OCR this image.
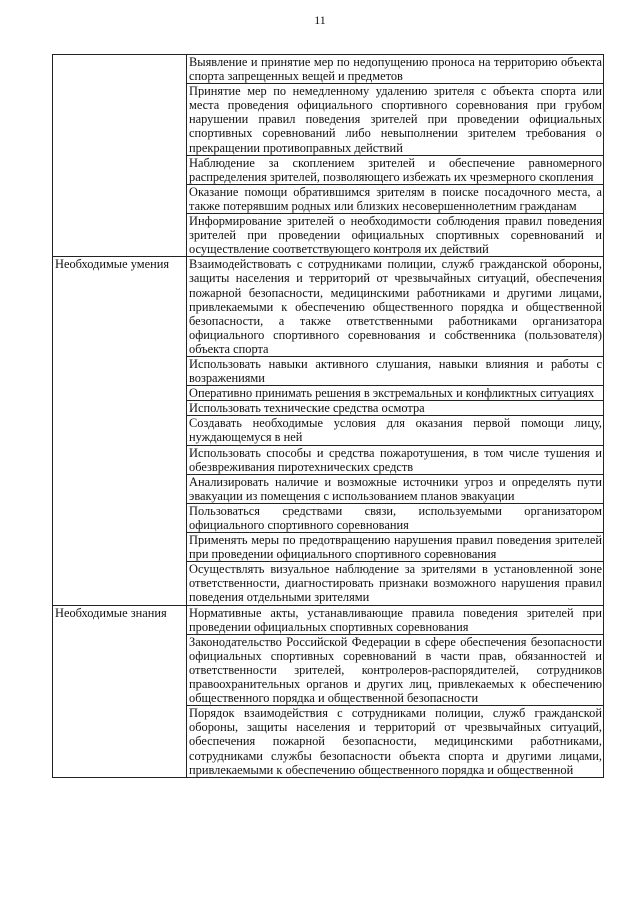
11
	Выявление и принятие мер по недопущению проноса на территорию объекта спорта запрещенных вещей и предметов
	Принятие мер по немедленному удалению зрителя с объекта спорта или места проведения официального спортивного соревнования при грубом нарушении правил поведения зрителей при проведении официальных спортивных соревнований либо невыполнении зрителем требования о прекращении противоправных действий
	Наблюдение за скоплением зрителей и обеспечение равномерного распределения зрителей, позволяющего избежать их чрезмерного скопления
	Оказание помощи обратившимся зрителям в поиске посадочного места, а также потерявшим родных или близких несовершеннолетним гражданам
	Информирование зрителей о необходимости соблюдения правил поведения зрителей при проведении официальных спортивных соревнований и осуществление соответствующего контроля их действий
Необходимые умения	Взаимодействовать с сотрудниками полиции, служб гражданской обороны, защиты населения и территорий от чрезвычайных ситуаций, обеспечения пожарной безопасности, медицинскими работниками и другими лицами, привлекаемыми к обеспечению общественного порядка и общественной безопасности, а также ответственными работниками организатора официального спортивного соревнования и собственника (пользователя) объекта спорта
	Использовать навыки активного слушания, навыки влияния и работы с возражениями
	Оперативно принимать решения в экстремальных и конфликтных ситуациях
	Использовать технические средства осмотра
	Создавать необходимые условия для оказания первой помощи лицу, нуждающемуся в ней
	Использовать способы и средства пожаротушения, в том числе тушения и обезвреживания пиротехнических средств
	Анализировать наличие и возможные источники угроз и определять пути эвакуации из помещения с использованием планов эвакуации
	Пользоваться средствами связи, используемыми организатором официального спортивного соревнования
	Применять меры по предотвращению нарушения правил поведения зрителей при проведении официального спортивного соревнования
	Осуществлять визуальное наблюдение за зрителями в установленной зоне ответственности, диагностировать признаки возможного нарушения правил поведения отдельными зрителями
Необходимые знания	Нормативные акты, устанавливающие правила поведения зрителей при проведении официальных спортивных соревнования
	Законодательство Российской Федерации в сфере обеспечения безопасности официальных спортивных соревнований в части прав, обязанностей и ответственности зрителей, контролеров-распорядителей, сотрудников правоохранительных органов и других лиц, привлекаемых к обеспечению общественного порядка и общественной безопасности
	Порядок взаимодействия с сотрудниками полиции, служб гражданской обороны, защиты населения и территорий от чрезвычайных ситуаций, обеспечения пожарной безопасности, медицинскими работниками, сотрудниками службы безопасности объекта спорта и другими лицами, привлекаемыми к обеспечению общественного порядка и общественной
